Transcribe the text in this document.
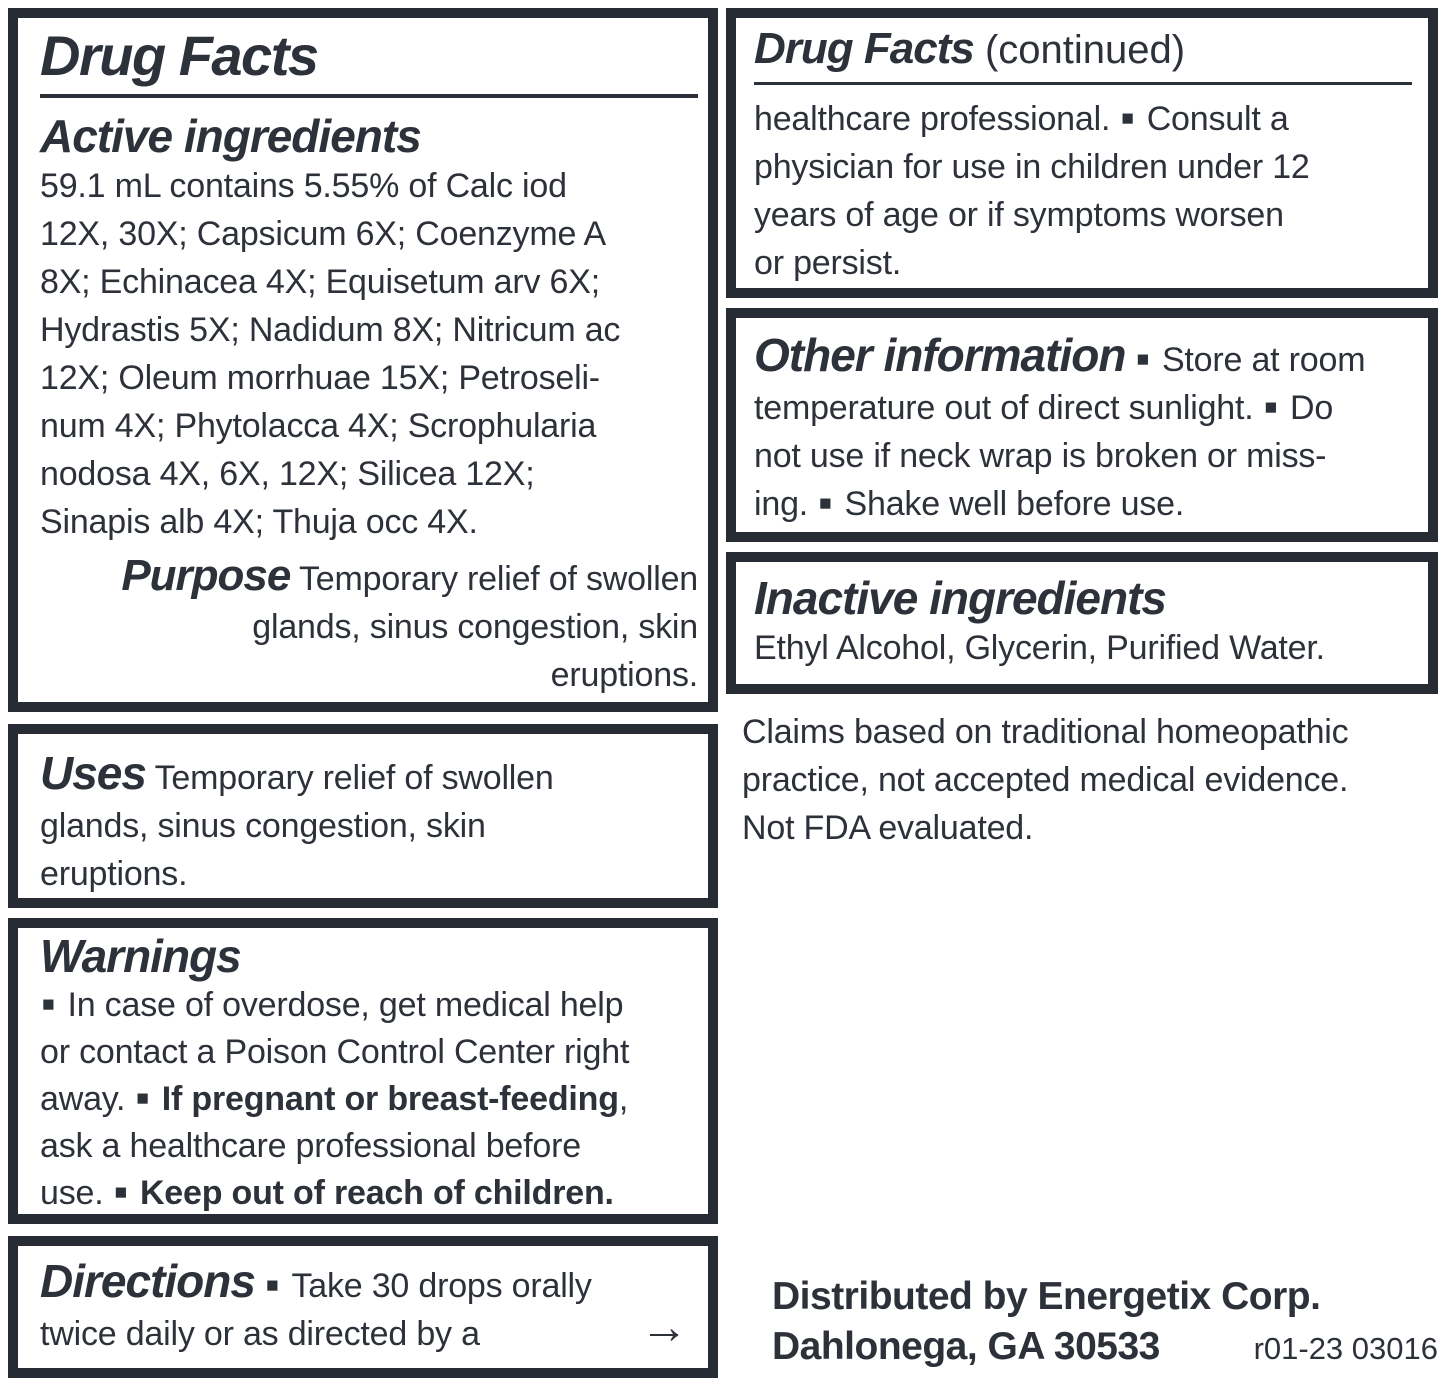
Drug Facts
Active ingredients
59.1 mL contains 5.55% of Calc iod
12X, 30X; Capsicum 6X; Coenzyme A
8X; Echinacea 4X; Equisetum arv 6X;
Hydrastis 5X; Nadidum 8X; Nitricum ac
12X; Oleum morrhuae 15X; Petroseli-
num 4X; Phytolacca 4X; Scrophularia
nodosa 4X, 6X, 12X; Silicea 12X;
Sinapis alb 4X; Thuja occ 4X.
Purpose Temporary relief of swollen
glands, sinus congestion, skin
eruptions.
Uses Temporary relief of swollen
glands, sinus congestion, skin
eruptions.
Warnings
■ In case of overdose, get medical help
or contact a Poison Control Center right
away. ■ If pregnant or breast-feeding,
ask a healthcare professional before
use. ■ Keep out of reach of children.
Directions ■ Take 30 drops orally
twice daily or as directed by a	→
Drug Facts (continued)
healthcare professional. ■ Consult a
physician for use in children under 12
years of age or if symptoms worsen
or persist.
Other information ■ Store at room
temperature out of direct sunlight. ■ Do
not use if neck wrap is broken or miss-
ing. ■ Shake well before use.
Inactive ingredients
Ethyl Alcohol, Glycerin, Purified Water.
Claims based on traditional homeopathic
practice, not accepted medical evidence.
Not FDA evaluated.
Distributed by Energetix Corp.
Dahlonega, GA 30533	r01-23 03016
